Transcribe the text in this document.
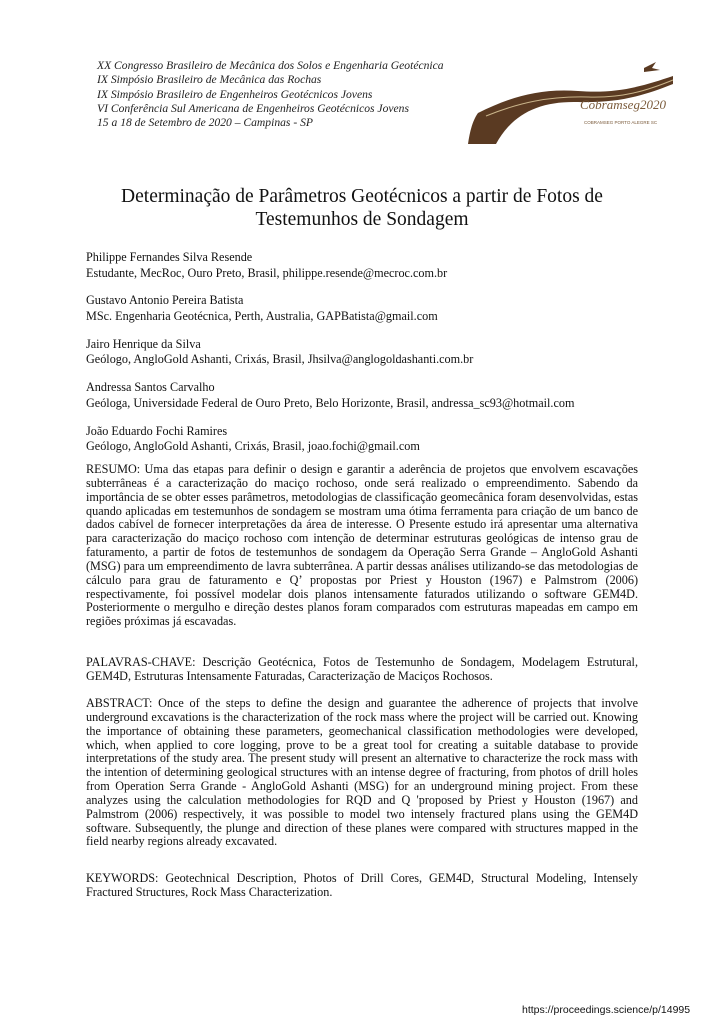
XX Congresso Brasileiro de Mecânica dos Solos e Engenharia Geotécnica
IX Simpósio Brasileiro de Mecânica das Rochas
IX Simpósio Brasileiro de Engenheiros Geotécnicos Jovens
VI Conferência Sul Americana de Engenheiros Geotécnicos Jovens
15 a 18 de Setembro de 2020 – Campinas - SP
Cobramseg2020
COBRAMSEG PORTO ALEGRE SC
Determinação de Parâmetros Geotécnicos a partir de Fotos de
Testemunhos de Sondagem
Philippe Fernandes Silva Resende
Estudante, MecRoc, Ouro Preto, Brasil, philippe.resende@mecroc.com.br
Gustavo Antonio Pereira Batista
MSc. Engenharia Geotécnica, Perth, Australia, GAPBatista@gmail.com
Jairo Henrique da Silva
Geólogo, AngloGold Ashanti, Crixás, Brasil, Jhsilva@anglogoldashanti.com.br
Andressa Santos Carvalho
Geóloga, Universidade Federal de Ouro Preto, Belo Horizonte, Brasil, andressa_sc93@hotmail.com
João Eduardo Fochi Ramires
Geólogo, AngloGold Ashanti, Crixás, Brasil, joao.fochi@gmail.com

RESUMO: Uma das etapas para definir o design e garantir a aderência de projetos que envolvem escavações subterrâneas é a caracterização do maciço rochoso, onde será realizado o empreendimento. Sabendo da importância de se obter esses parâmetros, metodologias de classificação geomecânica foram desenvolvidas, estas quando aplicadas em testemunhos de sondagem se mostram uma ótima ferramenta para criação de um banco de dados cabível de fornecer interpretações da área de interesse. O Presente estudo irá apresentar uma alternativa para caracterização do maciço rochoso com intenção de determinar estruturas geológicas de intenso grau de faturamento, a partir de fotos de testemunhos de sondagem da Operação Serra Grande – AngloGold Ashanti (MSG) para um empreendimento de lavra subterrânea. A partir dessas análises utilizando-se das metodologias de cálculo para grau de faturamento e Q’ propostas por Priest y Houston (1967) e Palmstrom (2006) respectivamente, foi possível modelar dois planos intensamente faturados utilizando o software GEM4D. Posteriormente o mergulho e direção destes planos foram comparados com estruturas mapeadas em campo em regiões próximas já escavadas.

PALAVRAS-CHAVE: Descrição Geotécnica, Fotos de Testemunho de Sondagem, Modelagem Estrutural, GEM4D, Estruturas Intensamente Faturadas, Caracterização de Maciços Rochosos.

ABSTRACT: Once of the steps to define the design and guarantee the adherence of projects that involve underground excavations is the characterization of the rock mass where the project will be carried out. Knowing the importance of obtaining these parameters, geomechanical classification methodologies were developed, which, when applied to core logging, prove to be a great tool for creating a suitable database to provide interpretations of the study area. The present study will present an alternative to characterize the rock mass with the intention of determining geological structures with an intense degree of fracturing, from photos of drill holes from Operation Serra Grande - AngloGold Ashanti (MSG) for an underground mining project. From these analyzes using the calculation methodologies for RQD and Q 'proposed by Priest y Houston (1967) and Palmstrom (2006) respectively, it was possible to model two intensely fractured plans using the GEM4D software. Subsequently, the plunge and direction of these planes were compared with structures mapped in the field nearby regions already excavated.

KEYWORDS: Geotechnical Description, Photos of Drill Cores, GEM4D, Structural Modeling, Intensely Fractured Structures, Rock Mass Characterization.

https://proceedings.science/p/14995
